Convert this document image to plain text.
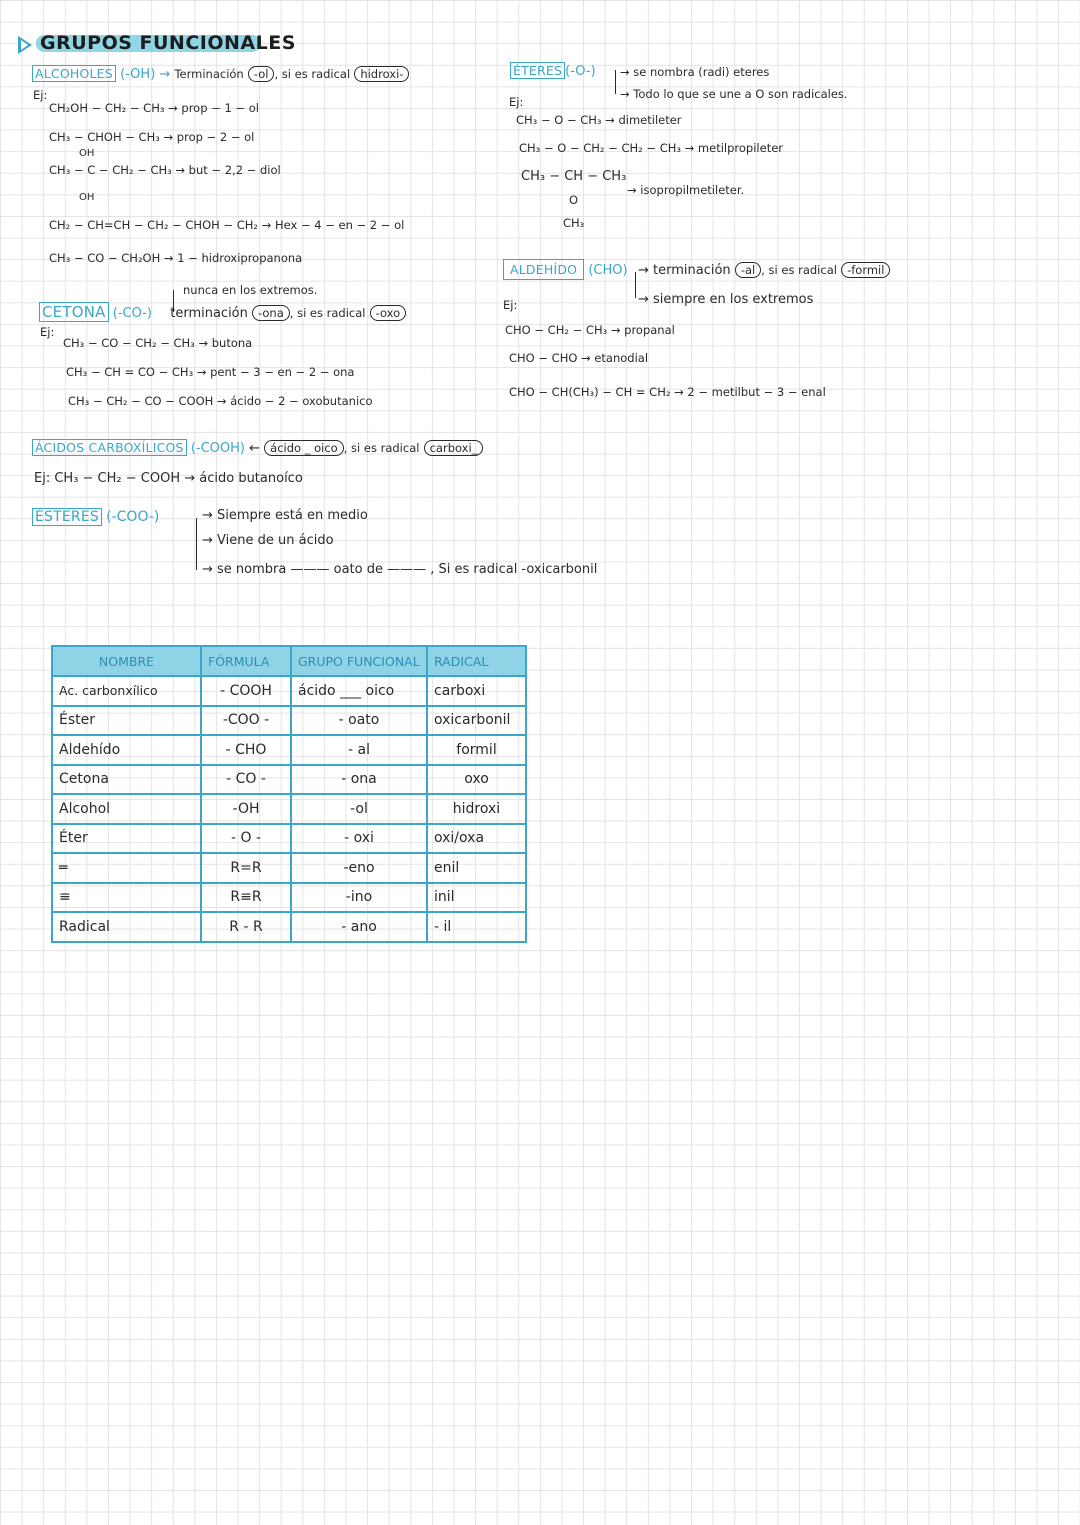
GRUPOS FUNCIONALES
ALCOHOLES (-OH) → Terminación -ol , si es radical hidroxi-
Ej:
CH₂OH − CH₂ − CH₃ → prop − 1 − ol
CH₃ − CHOH − CH₃ → prop − 2 − ol
OH
CH₃ − C − CH₂ − CH₃ → but − 2,2 − diol
OH
CH₂ − CH=CH − CH₂ − CHOH − CH₂ → Hex − 4 − en − 2 − ol
CH₃ − CO − CH₂OH → 1 − hidroxipropanona
nunca en los extremos.
CETONA (-CO-) terminación -ona , si es radical -oxo
Ej:
CH₃ − CO − CH₂ − CH₃ → butona
CH₃ − CH = CO − CH₃ → pent − 3 − en − 2 − ona
CH₃ − CH₂ − CO − COOH → ácido − 2 − oxobutanico
ÁCIDOS CARBOXÍLICOS (-COOH) ← ácido _ oico , si es radical carboxi_
Ej: CH₃ − CH₂ − COOH → ácido butanoíco
ÉSTERES (-COO-)	→ Siempre está en medio
→ Viene de un ácido
→ se nombra ——— oato de ——— , Si es radical -oxicarbonil
ÉTERES (-O-) → se nombra (radi) eteres
→ Todo lo que se une a O son radicales.
Ej:
CH₃ − O − CH₃ → dimetileter
CH₃ − O − CH₂ − CH₂ − CH₃ → metilpropileter
CH₃ − CH − CH₃
O
CH₃
→ isopropilmetileter.
ALDEHÍDO (CHO) → terminación -al , si es radical -formil
→ siempre en los extremos
Ej:
CHO − CH₂ − CH₃ → propanal
CHO − CHO → etanodial
CHO − CH(CH₃) − CH = CH₂ → 2 − metilbut − 3 − enal
NOMBRE	FÓRMULA	GRUPO FUNCIONAL	RADICAL
Ac. carbonxílico	- COOH	ácido ___ oico	carboxi
Éster	-COO -	- oato	oxicarbonil
Aldehído	- CHO	- al	formil
Cetona	- CO -	- ona	oxo
Alcohol	-OH	-ol	hidroxi
Éter	- O -	- oxi	oxi/oxa
═	R=R	-eno	enil
≡	R≡R	-ino	inil
Radical	R - R	- ano	- il
